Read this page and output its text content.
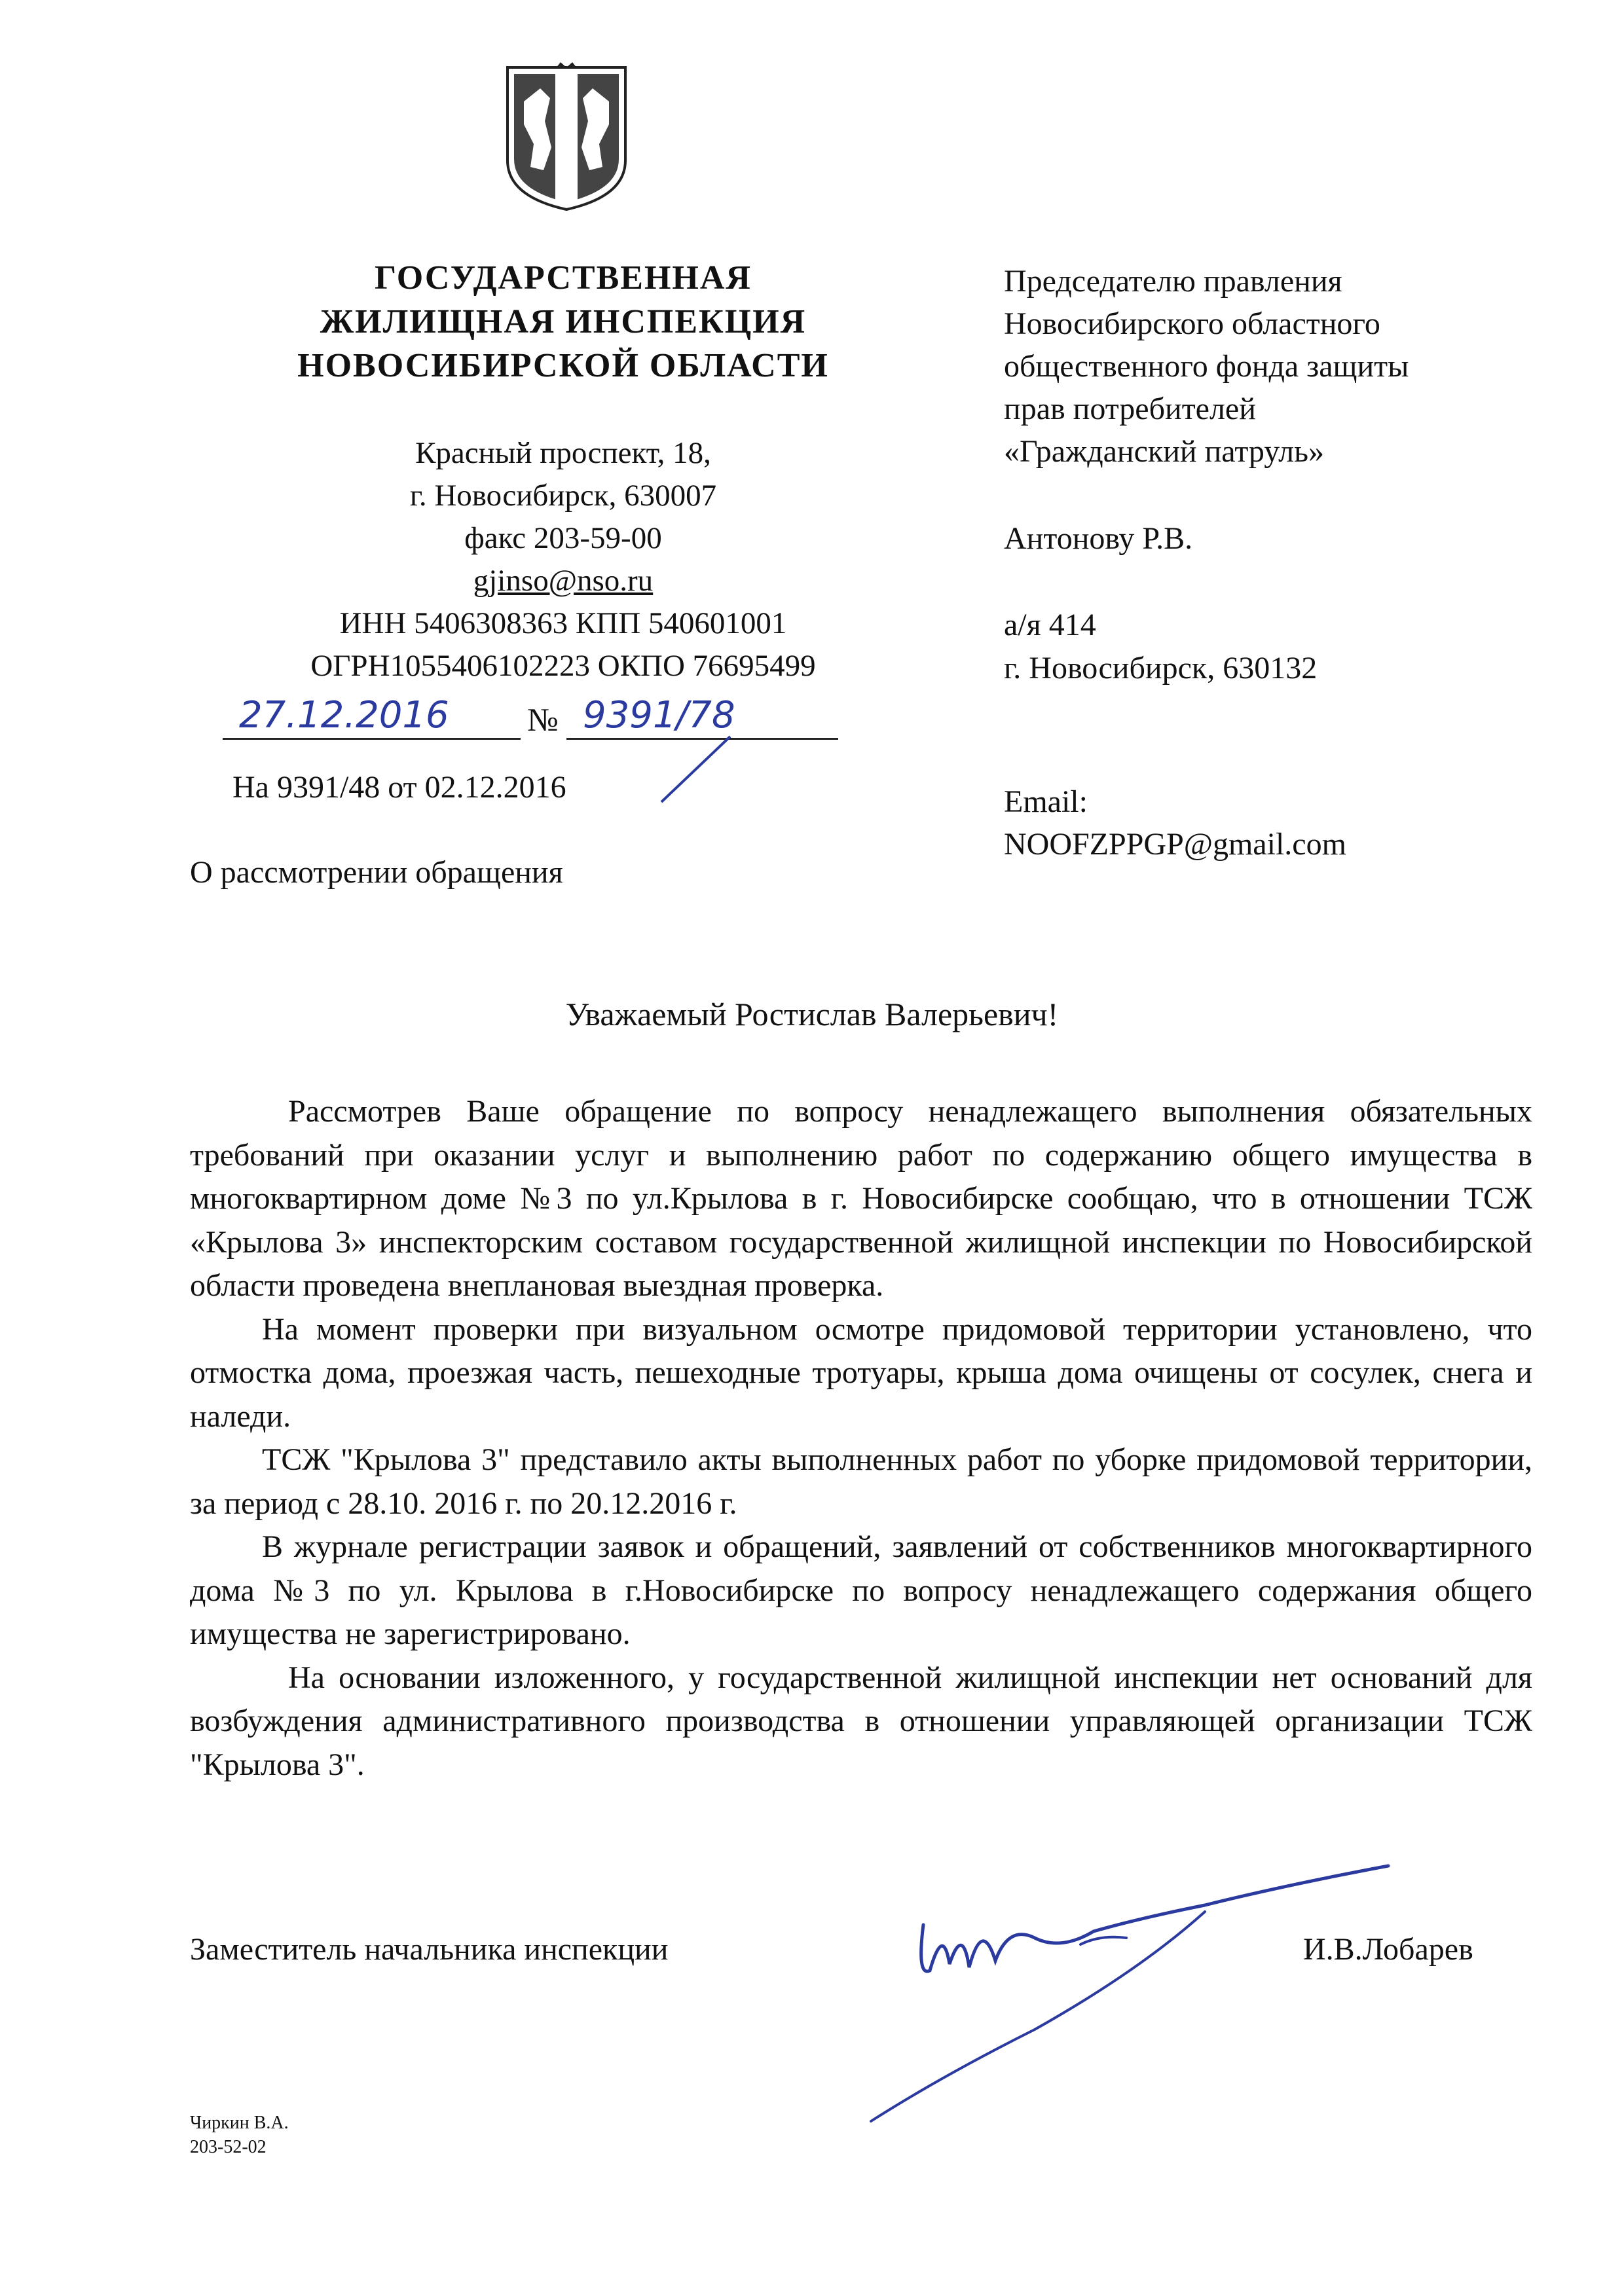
ГОСУДАРСТВЕННАЯ
ЖИЛИЩНАЯ ИНСПЕКЦИЯ
НОВОСИБИРСКОЙ ОБЛАСТИ
Красный проспект, 18,
г. Новосибирск, 630007
факс 203-59-00
gjinso@nso.ru
ИНН 5406308363 КПП 540601001
ОГРН1055406102223 ОКПО 76695499
27.12.2016 № 9391/78
На 9391/48 от 02.12.2016
О рассмотрении обращения
Председателю правления
Новосибирского областного
общественного фонда защиты
прав потребителей
«Гражданский патруль»
Антонову Р.В.
а/я 414
г. Новосибирск, 630132
Email:
NOOFZPPGP@gmail.com
Уважаемый Ростислав Валерьевич!

Рассмотрев Ваше обращение по вопросу ненадлежащего выполнения обязательных требований при оказании услуг и выполнению работ по содержанию общего имущества в многоквартирном доме №3 по ул.Крылова в г. Новосибирске сообщаю, что в отношении ТСЖ «Крылова 3» инспекторским составом государственной жилищной инспекции по Новосибирской области проведена внеплановая выездная проверка.

На момент проверки при визуальном осмотре придомовой территории установлено, что отмостка дома, проезжая часть, пешеходные тротуары, крыша дома очищены от сосулек, снега и наледи.

ТСЖ "Крылова 3" представило акты выполненных работ по уборке придомовой территории, за период с 28.10. 2016 г. по 20.12.2016 г.

В журнале регистрации заявок и обращений, заявлений от собственников многоквартирного дома №3 по ул. Крылова в г.Новосибирске по вопросу ненадлежащего содержания общего имущества не зарегистрировано.

На основании изложенного, у государственной жилищной инспекции нет оснований для возбуждения административного производства в отношении управляющей организации ТСЖ "Крылова 3".

Заместитель начальника инспекции	И.В.Лобарев
Чиркин В.А.
203-52-02
